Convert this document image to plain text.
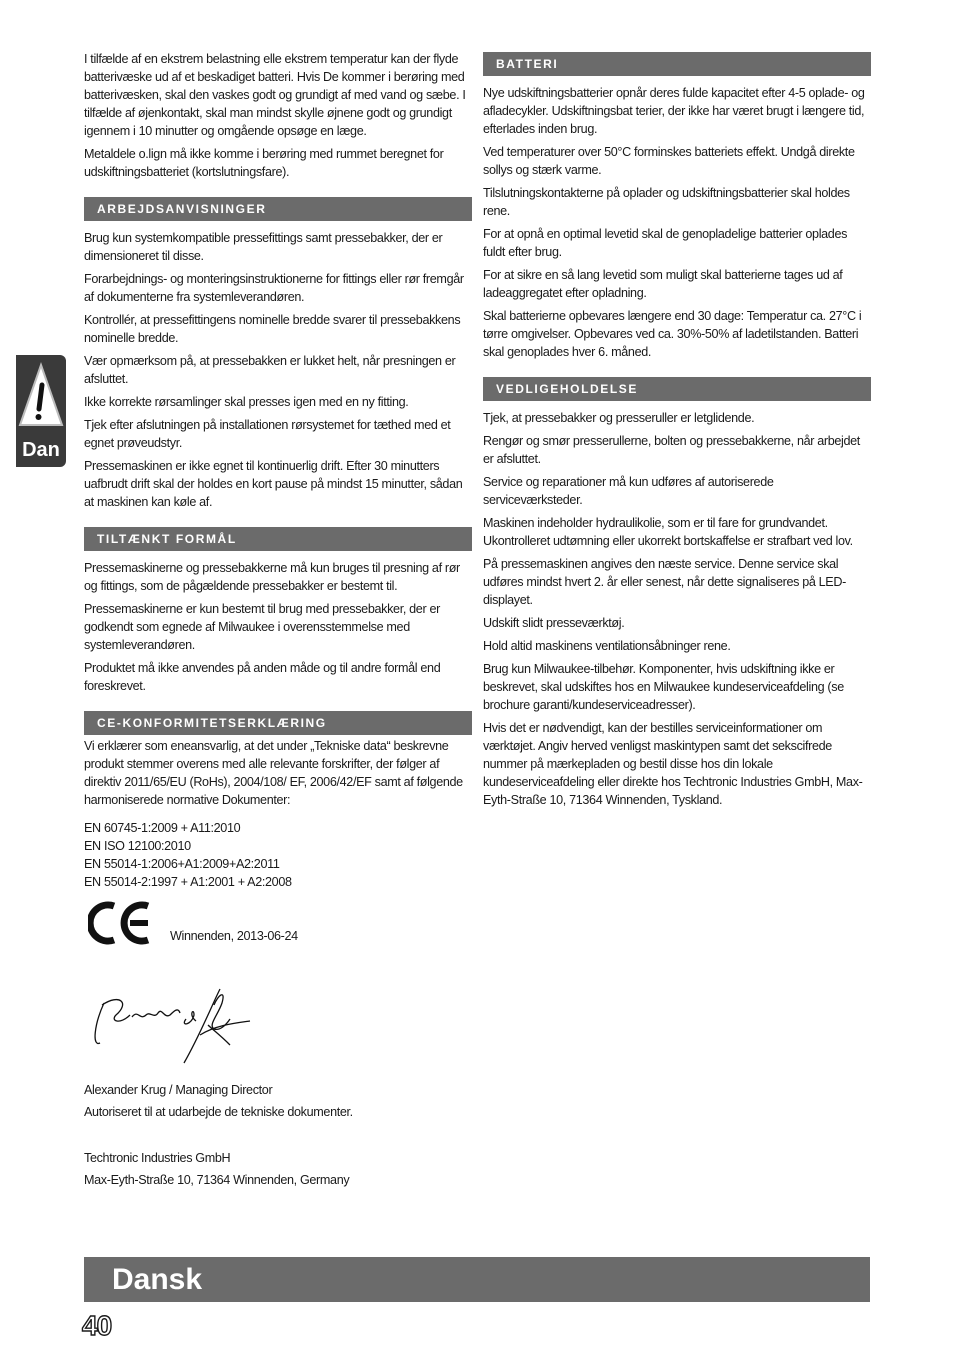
I tilfælde af en ekstrem belastning elle ekstrem temperatur kan der flyde batterivæske ud af et beskadiget batteri. Hvis De kommer i berøring med batterivæsken, skal den vaskes godt og grundigt af med vand og sæbe. I tilfælde af øjenkontakt, skal man mindst skylle øjnene godt og grundigt igennem i 10 minutter og omgående opsøge en læge.

Metaldele o.lign må ikke komme i berøring med rummet beregnet for udskiftningsbatteriet (kortslutningsfare).

ARBEJDSANVISNINGER

Brug kun systemkompatible pressefittings samt pressebakker, der er dimensioneret til disse.

Forarbejdnings- og monteringsinstruktionerne for fittings eller rør fremgår af dokumenterne fra systemleverandøren.

Kontrollér, at pressefittingens nominelle bredde svarer til pressebakkens nominelle bredde.

Vær opmærksom på, at pressebakken er lukket helt, når presningen er afsluttet.

Ikke korrekte rørsamlinger skal presses igen med en ny fitting.

Tjek efter afslutningen på installationen rørsystemet for tæthed med et egnet prøveudstyr.

Pressemaskinen er ikke egnet til kontinuerlig drift. Efter 30 minutters uafbrudt drift skal der holdes en kort pause på mindst 15 minutter, sådan at maskinen kan køle af.

TILTÆNKT FORMÅL

Pressemaskinerne og pressebakkerne må kun bruges til presning af rør og fittings, som de pågældende pressebakker er bestemt til.

Pressemaskinerne er kun bestemt til brug med pressebakker, der er godkendt som egnede af Milwaukee i overensstemmelse med systemleverandøren.

Produktet må ikke anvendes på anden måde og til andre formål end foreskrevet.

CE-KONFORMITETSERKLÆRING

Vi erklærer som eneansvarlig, at det under „Tekniske data“ beskrevne produkt stemmer overens med alle relevante forskrifter, der følger af direktiv 2011/65/EU (RoHs), 2004/108/ EF, 2006/42/EF samt af følgende harmoniserede normative Dokumenter:

EN 60745-1:2009 + A11:2010

EN ISO 12100:2010

EN 55014-1:2006+A1:2009+A2:2011

EN 55014-2:1997 + A1:2001 + A2:2008

Winnenden, 2013-06-24

Alexander Krug / Managing Director

Autoriseret til at udarbejde de tekniske dokumenter.

Techtronic Industries GmbH

Max-Eyth-Straße 10, 71364 Winnenden, Germany

BATTERI

Nye udskiftningsbatterier opnår deres fulde kapacitet efter 4-5 oplade- og afladecykler. Udskiftningsbat terier, der ikke har været brugt i længere tid, efterlades inden brug.

Ved temperaturer over 50°C forminskes batteriets effekt. Undgå direkte sollys og stærk varme.

Tilslutningskontakterne på oplader og udskiftningsbatterier skal holdes rene.

For at opnå en optimal levetid skal de genopladelige batterier oplades fuldt efter brug.

For at sikre en så lang levetid som muligt skal batterierne tages ud af ladeaggregatet efter opladning.

Skal batterierne opbevares længere end 30 dage: Temperatur ca. 27°C i tørre omgivelser. Opbevares ved ca. 30%-50% af ladetilstanden. Batteri skal genoplades hver 6. måned.

VEDLIGEHOLDELSE

Tjek, at pressebakker og presseruller er letglidende.

Rengør og smør presserullerne, bolten og pressebakkerne, når arbejdet er afsluttet.

Service og reparationer må kun udføres af autoriserede serviceværksteder.

Maskinen indeholder hydraulikolie, som er til fare for grundvandet. Ukontrolleret udtømning eller ukorrekt bortskaffelse er strafbart ved lov.

På pressemaskinen angives den næste service. Denne service skal udføres mindst hvert 2. år eller senest, når dette signaliseres på LED-displayet.

Udskift slidt presseværktøj.

Hold altid maskinens ventilationsåbninger rene.

Brug kun Milwaukee-tilbehør. Komponenter, hvis udskiftning ikke er beskrevet, skal udskiftes hos en Milwaukee kundeserviceafdeling (se brochure garanti/kundeserviceadresser).

Hvis det er nødvendigt, kan der bestilles serviceinformationer om værktøjet. Angiv herved venligst maskintypen samt det sekscifrede nummer på mærkepladen og bestil disse hos din lokale kundeserviceafdeling eller direkte hos Techtronic Industries GmbH, Max-Eyth-Straße 10, 71364 Winnenden, Tyskland.

Dan
Dansk
40
